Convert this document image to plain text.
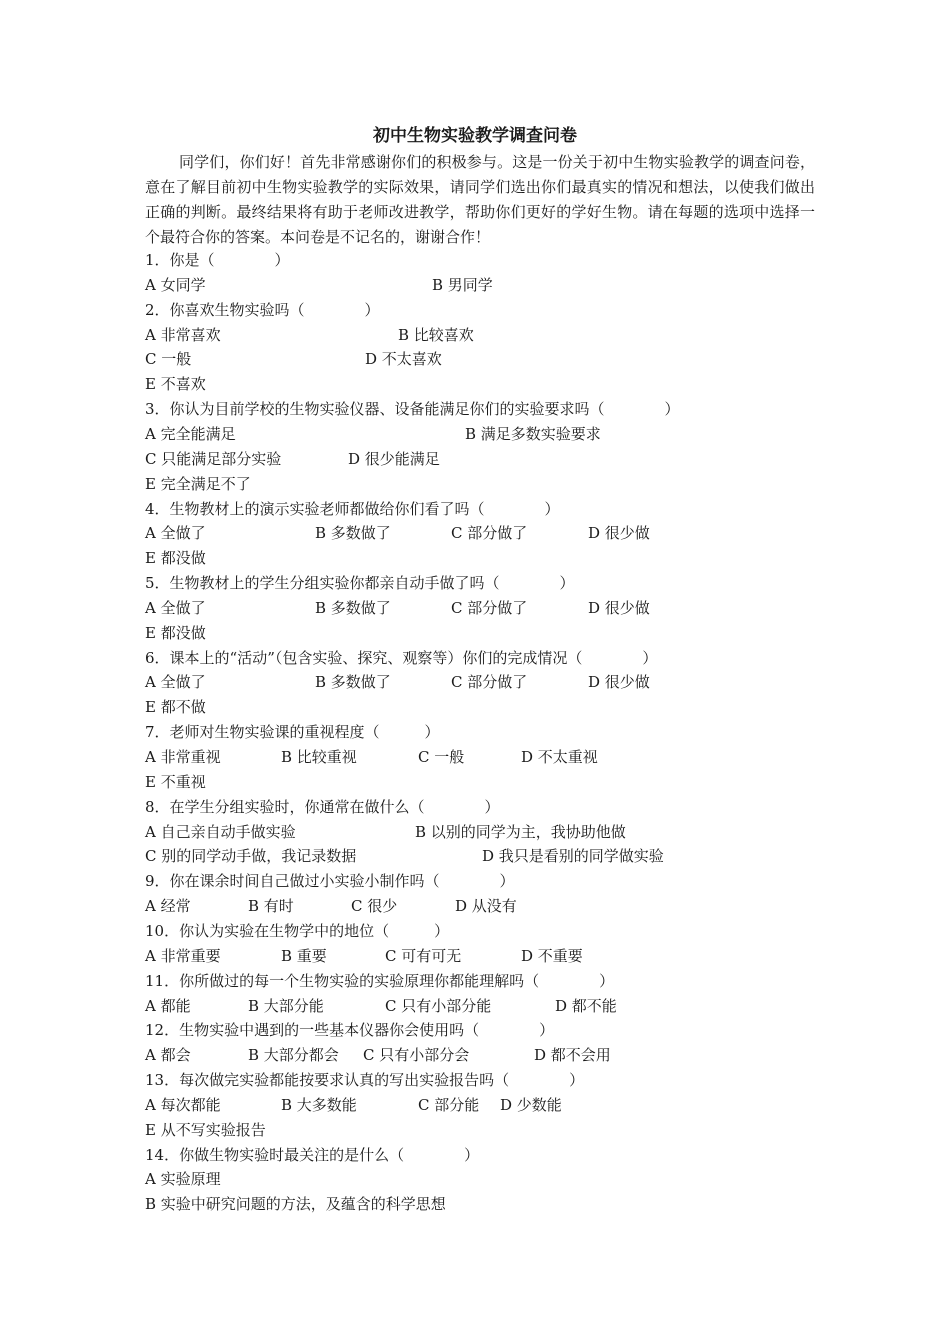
初中生物实验教学调查问卷
同学们，你们好！首先非常感谢你们的积极参与。这是一份关于初中生物实验教学的调查问卷，意在了解目前初中生物实验教学的实际效果，请同学们选出你们最真实的情况和想法，以使我们做出正确的判断。最终结果将有助于老师改进教学，帮助你们更好的学好生物。请在每题的选项中选择一个最符合你的答案。本问卷是不记名的，谢谢合作！
1．你是（　　　　）
A 女同学	B 男同学
2．你喜欢生物实验吗（　　　　）
A 非常喜欢	B 比较喜欢
C 一般	D 不太喜欢
E 不喜欢
3．你认为目前学校的生物实验仪器、设备能满足你们的实验要求吗（　　　　）
A 完全能满足	B 满足多数实验要求
C 只能满足部分实验	D 很少能满足
E 完全满足不了
4．生物教材上的演示实验老师都做给你们看了吗（　　　　）
A 全做了	B 多数做了	C 部分做了	D 很少做
E 都没做
5．生物教材上的学生分组实验你都亲自动手做了吗（　　　　）
A 全做了	B 多数做了	C 部分做了	D 很少做
E 都没做
6．课本上的“活动”（包含实验、探究、观察等）你们的完成情况（　　　　）
A 全做了	B 多数做了	C 部分做了	D 很少做
E 都不做
7．老师对生物实验课的重视程度（　　　）
A 非常重视	B 比较重视	C 一般	D 不太重视
E 不重视
8．在学生分组实验时，你通常在做什么（　　　　）
A 自己亲自动手做实验	B 以别的同学为主，我协助他做
C 别的同学动手做，我记录数据	D 我只是看别的同学做实验
9．你在课余时间自己做过小实验小制作吗（　　　　）
A 经常	B 有时	C 很少	D 从没有
10．你认为实验在生物学中的地位（　　　）
A 非常重要	B 重要	C 可有可无	D 不重要
11．你所做过的每一个生物实验的实验原理你都能理解吗（　　　　）
A 都能	B 大部分能	C 只有小部分能	D 都不能
12．生物实验中遇到的一些基本仪器你会使用吗（　　　　）
A 都会	B 大部分都会 C 只有小部分会	D 都不会用
13．每次做完实验都能按要求认真的写出实验报告吗（　　　　）
A 每次都能	B 大多数能	C 部分能 D 少数能
E 从不写实验报告
14．你做生物实验时最关注的是什么（　　　　）
A 实验原理
B 实验中研究问题的方法，及蕴含的科学思想
